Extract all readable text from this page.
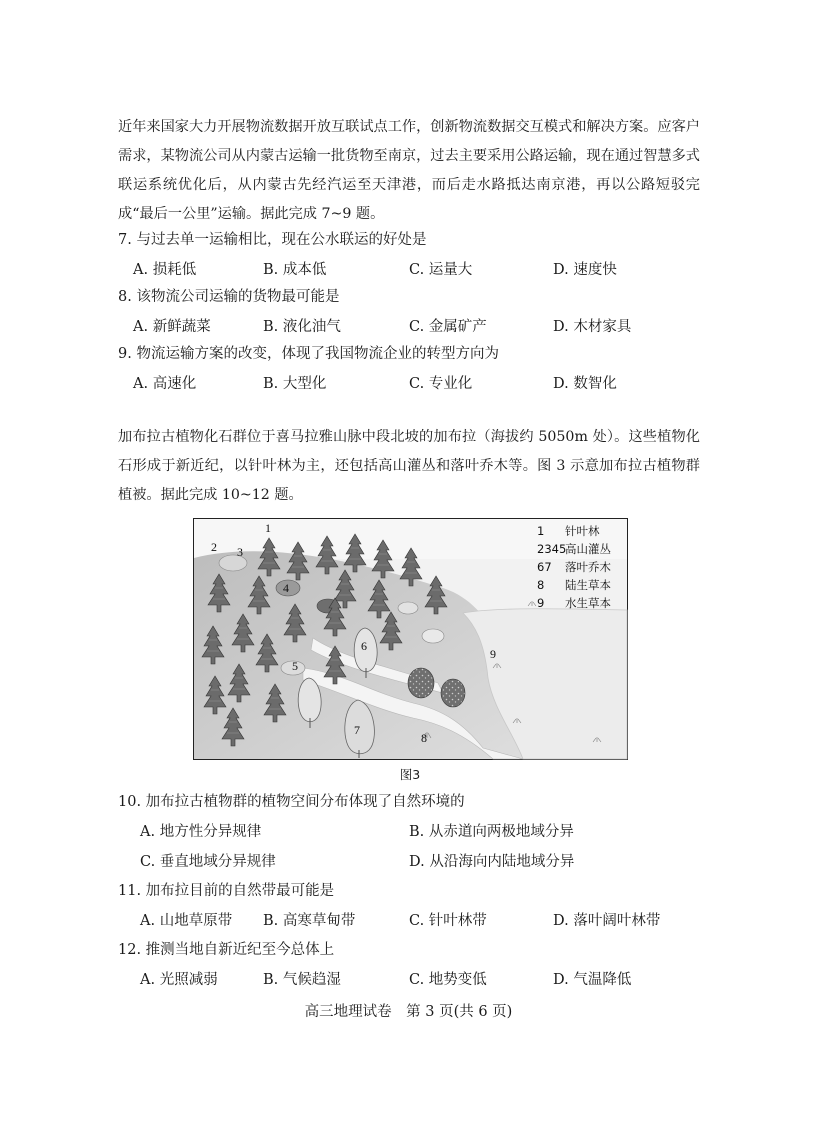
近年来国家大力开展物流数据开放互联试点工作，创新物流数据交互模式和解决方案。应客户需求，某物流公司从内蒙古运输一批货物至南京，过去主要采用公路运输，现在通过智慧多式联运系统优化后，从内蒙古先经汽运至天津港，而后走水路抵达南京港，再以公路短驳完成“最后一公里”运输。据此完成 7~9 题。
7. 与过去单一运输相比，现在公水联运的好处是
A. 损耗低	B. 成本低	C. 运量大	D. 速度快
8. 该物流公司运输的货物最可能是
A. 新鲜蔬菜	B. 液化油气	C. 金属矿产	D. 木材家具
9. 物流运输方案的改变，体现了我国物流企业的转型方向为
A. 高速化	B. 大型化	C. 专业化	D. 数智化
加布拉古植物化石群位于喜马拉雅山脉中段北坡的加布拉（海拔约 5050m 处）。这些植物化石形成于新近纪，以针叶林为主，还包括高山灌丛和落叶乔木等。图 3 示意加布拉古植物群植被。据此完成 10~12 题。
1
2 3
4
5
6
7
8
9
1 针叶林
2345
高山灌丛
67 落叶乔木
8 陆生草本
9 水生草本
图3
10. 加布拉古植物群的植物空间分布体现了自然环境的
A. 地方性分异规律	B. 从赤道向两极地域分异
C. 垂直地域分异规律	D. 从沿海向内陆地域分异
11. 加布拉目前的自然带最可能是
A. 山地草原带 B. 高寒草甸带	C. 针叶林带	D. 落叶阔叶林带
12. 推测当地自新近纪至今总体上
A. 光照减弱	B. 气候趋湿	C. 地势变低	D. 气温降低
高三地理试卷　第 3 页(共 6 页)
